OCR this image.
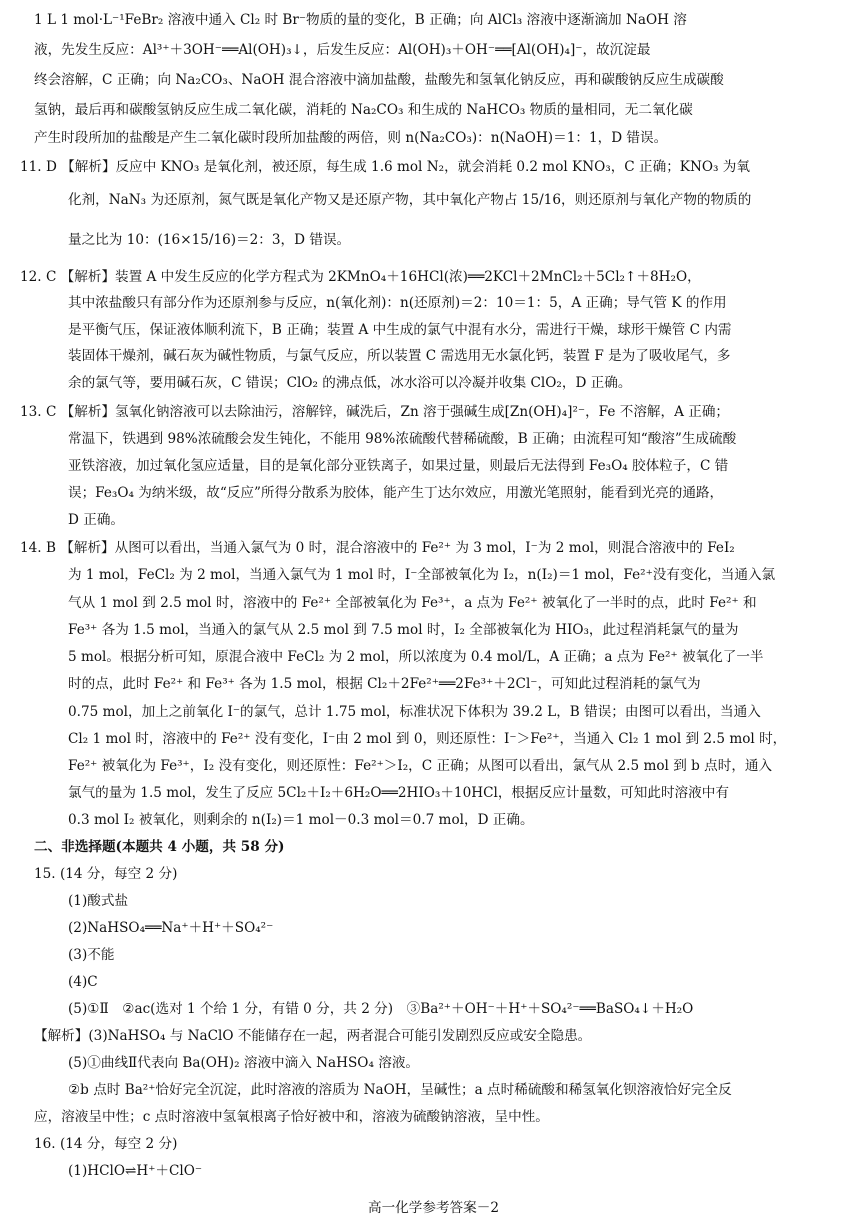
1 L 1 mol·L⁻¹FeBr₂ 溶液中通入 Cl₂ 时 Br⁻物质的量的变化，B 正确；向 AlCl₃ 溶液中逐渐滴加 NaOH 溶
液，先发生反应：Al³⁺＋3OH⁻══Al(OH)₃↓，后发生反应：Al(OH)₃＋OH⁻══[Al(OH)₄]⁻，故沉淀最
终会溶解，C 正确；向 Na₂CO₃、NaOH 混合溶液中滴加盐酸，盐酸先和氢氧化钠反应，再和碳酸钠反应生成碳酸
氢钠，最后再和碳酸氢钠反应生成二氧化碳，消耗的 Na₂CO₃ 和生成的 NaHCO₃ 物质的量相同，无二氧化碳
产生时段所加的盐酸是产生二氧化碳时段所加盐酸的两倍，则 n(Na₂CO₃)：n(NaOH)＝1：1，D 错误。
11. D 【解析】反应中 KNO₃ 是氧化剂，被还原，每生成 1.6 mol N₂，就会消耗 0.2 mol KNO₃，C 正确；KNO₃ 为氧
化剂，NaN₃ 为还原剂，氮气既是氧化产物又是还原产物，其中氧化产物占 15/16，则还原剂与氧化产物的物质的
量之比为 10：(16×15/16)＝2：3，D 错误。
12. C 【解析】装置 A 中发生反应的化学方程式为 2KMnO₄＋16HCl(浓)══2KCl＋2MnCl₂＋5Cl₂↑＋8H₂O，
其中浓盐酸只有部分作为还原剂参与反应，n(氧化剂)：n(还原剂)＝2：10＝1：5，A 正确；导气管 K 的作用
是平衡气压，保证液体顺利流下，B 正确；装置 A 中生成的氯气中混有水分，需进行干燥，球形干燥管 C 内需
装固体干燥剂，碱石灰为碱性物质，与氯气反应，所以装置 C 需选用无水氯化钙，装置 F 是为了吸收尾气，多
余的氯气等，要用碱石灰，C 错误；ClO₂ 的沸点低，冰水浴可以冷凝并收集 ClO₂，D 正确。
13. C 【解析】氢氧化钠溶液可以去除油污，溶解锌，碱洗后，Zn 溶于强碱生成[Zn(OH)₄]²⁻，Fe 不溶解，A 正确；
常温下，铁遇到 98%浓硫酸会发生钝化，不能用 98%浓硫酸代替稀硫酸，B 正确；由流程可知“酸溶”生成硫酸
亚铁溶液，加过氧化氢应适量，目的是氧化部分亚铁离子，如果过量，则最后无法得到 Fe₃O₄ 胶体粒子，C 错
误；Fe₃O₄ 为纳米级，故“反应”所得分散系为胶体，能产生丁达尔效应，用激光笔照射，能看到光亮的通路，
D 正确。
14. B 【解析】从图可以看出，当通入氯气为 0 时，混合溶液中的 Fe²⁺ 为 3 mol，I⁻为 2 mol，则混合溶液中的 FeI₂
为 1 mol，FeCl₂ 为 2 mol，当通入氯气为 1 mol 时，I⁻全部被氧化为 I₂，n(I₂)＝1 mol，Fe²⁺没有变化，当通入氯
气从 1 mol 到 2.5 mol 时，溶液中的 Fe²⁺ 全部被氧化为 Fe³⁺，a 点为 Fe²⁺ 被氧化了一半时的点，此时 Fe²⁺ 和
Fe³⁺ 各为 1.5 mol，当通入的氯气从 2.5 mol 到 7.5 mol 时，I₂ 全部被氧化为 HIO₃，此过程消耗氯气的量为
5 mol。根据分析可知，原混合液中 FeCl₂ 为 2 mol，所以浓度为 0.4 mol/L，A 正确；a 点为 Fe²⁺ 被氧化了一半
时的点，此时 Fe²⁺ 和 Fe³⁺ 各为 1.5 mol，根据 Cl₂＋2Fe²⁺══2Fe³⁺＋2Cl⁻，可知此过程消耗的氯气为
0.75 mol，加上之前氧化 I⁻的氯气，总计 1.75 mol，标准状况下体积为 39.2 L，B 错误；由图可以看出，当通入
Cl₂ 1 mol 时，溶液中的 Fe²⁺ 没有变化，I⁻由 2 mol 到 0，则还原性：I⁻＞Fe²⁺，当通入 Cl₂ 1 mol 到 2.5 mol 时，
Fe²⁺ 被氧化为 Fe³⁺，I₂ 没有变化，则还原性：Fe²⁺＞I₂，C 正确；从图可以看出，氯气从 2.5 mol 到 b 点时，通入
氯气的量为 1.5 mol，发生了反应 5Cl₂＋I₂＋6H₂O══2HIO₃＋10HCl，根据反应计量数，可知此时溶液中有
0.3 mol I₂ 被氧化，则剩余的 n(I₂)＝1 mol－0.3 mol＝0.7 mol，D 正确。
二、非选择题(本题共 4 小题，共 58 分)
15. (14 分，每空 2 分)
(1)酸式盐
(2)NaHSO₄══Na⁺＋H⁺＋SO₄²⁻
(3)不能
(4)C
(5)①Ⅱ　②ac(选对 1 个给 1 分，有错 0 分，共 2 分)　③Ba²⁺＋OH⁻＋H⁺＋SO₄²⁻══BaSO₄↓＋H₂O
【解析】(3)NaHSO₄ 与 NaClO 不能储存在一起，两者混合可能引发剧烈反应或安全隐患。
(5)①曲线Ⅱ代表向 Ba(OH)₂ 溶液中滴入 NaHSO₄ 溶液。
②b 点时 Ba²⁺恰好完全沉淀，此时溶液的溶质为 NaOH，呈碱性；a 点时稀硫酸和稀氢氧化钡溶液恰好完全反
应，溶液呈中性；c 点时溶液中氢氧根离子恰好被中和，溶液为硫酸钠溶液，呈中性。
16. (14 分，每空 2 分)
(1)HClO⇌H⁺＋ClO⁻
高一化学参考答案－2
